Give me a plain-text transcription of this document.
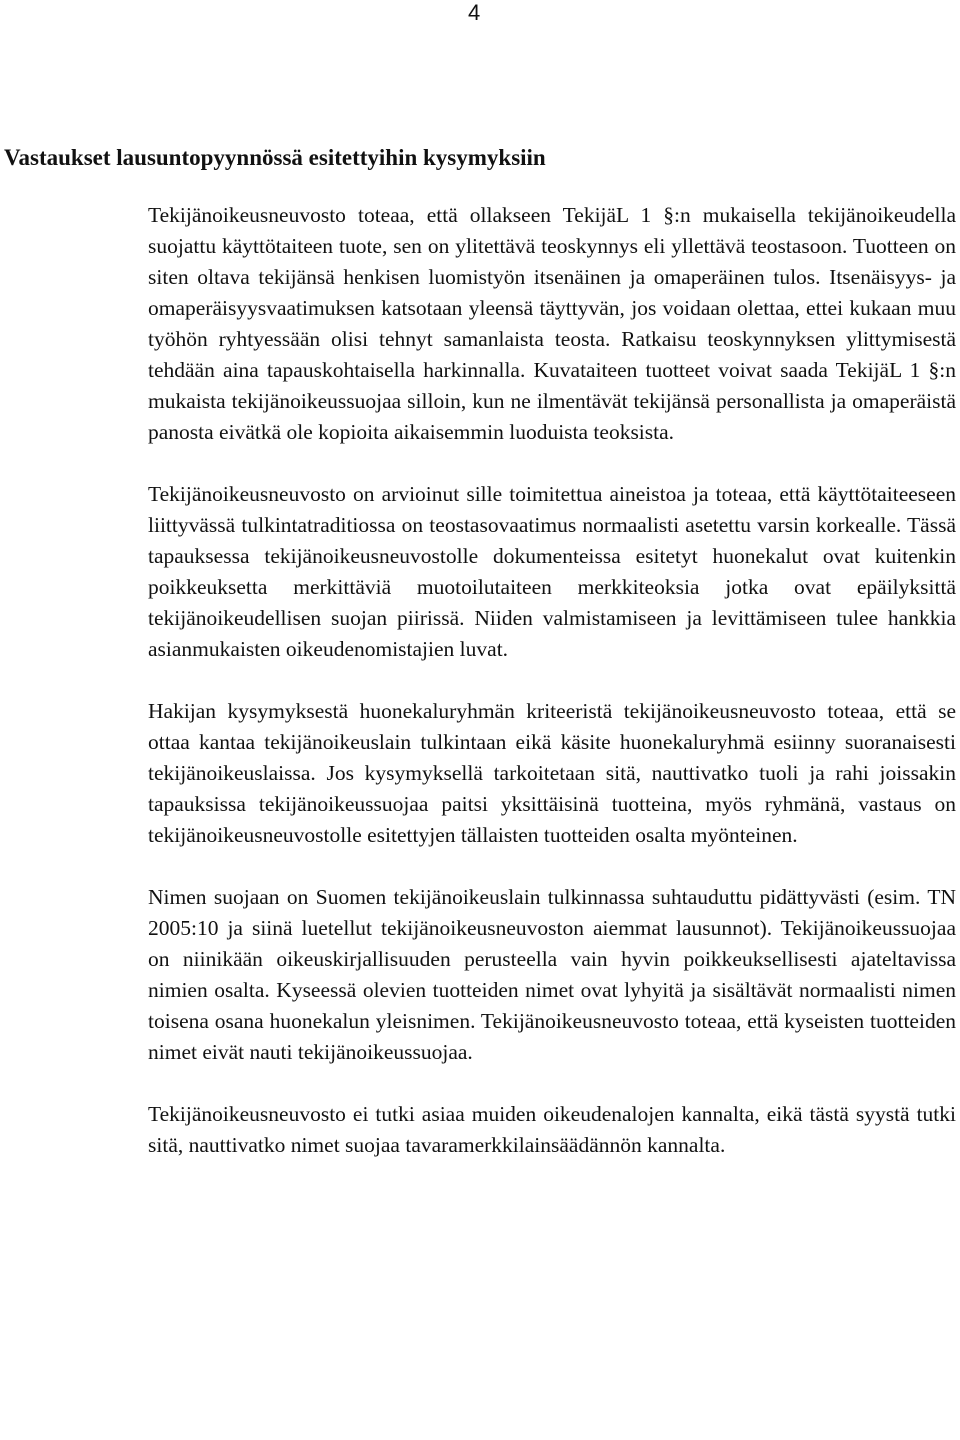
4
Vastaukset lausuntopyynnössä esitettyihin kysymyksiin

Tekijänoikeusneuvosto toteaa, että ollakseen TekijäL 1 §:n mukaisella tekijänoikeudella suojattu käyttötaiteen tuote, sen on ylitettävä teoskynnys eli yllettävä teostasoon. Tuotteen on siten oltava tekijänsä henkisen luomistyön itsenäinen ja omaperäinen tulos. Itsenäisyys- ja omaperäisyysvaatimuksen katsotaan yleensä täyttyvän, jos voidaan olettaa, ettei kukaan muu työhön ryhtyessään olisi tehnyt samanlaista teosta. Ratkaisu teoskynnyksen ylittymisestä tehdään aina tapauskohtaisella harkinnalla. Kuvataiteen tuotteet voivat saada TekijäL 1 §:n mukaista tekijänoikeussuojaa silloin, kun ne ilmentävät tekijänsä personallista ja omaperäistä panosta eivätkä ole kopioita aikaisemmin luoduista teoksista.

Tekijänoikeusneuvosto on arvioinut sille toimitettua aineistoa ja toteaa, että käyttötaiteeseen liittyvässä tulkintatraditiossa on teostasovaatimus normaalisti asetettu varsin korkealle. Tässä tapauksessa tekijänoikeusneuvostolle dokumenteissa esitetyt huonekalut ovat kuitenkin poikkeuksetta merkittäviä muotoilutaiteen merkkiteoksia jotka ovat epäilyksittä tekijänoikeudellisen suojan piirissä. Niiden valmistamiseen ja levittämiseen tulee hankkia asianmukaisten oikeudenomistajien luvat.

Hakijan kysymyksestä huonekaluryhmän kriteeristä tekijänoikeusneuvosto toteaa, että se ottaa kantaa tekijänoikeuslain tulkintaan eikä käsite huonekaluryhmä esiinny suoranaisesti tekijänoikeuslaissa. Jos kysymyksellä tarkoitetaan sitä, nauttivatko tuoli ja rahi joissakin tapauksissa tekijänoikeussuojaa paitsi yksittäisinä tuotteina, myös ryhmänä, vastaus on tekijänoikeusneuvostolle esitettyjen tällaisten tuotteiden osalta myönteinen.

Nimen suojaan on Suomen tekijänoikeuslain tulkinnassa suhtauduttu pidättyvästi (esim. TN 2005:10 ja siinä luetellut tekijänoikeusneuvoston aiemmat lausunnot). Tekijänoikeussuojaa on niinikään oikeuskirjallisuuden perusteella vain hyvin poikkeuksellisesti ajateltavissa nimien osalta. Kyseessä olevien tuotteiden nimet ovat lyhyitä ja sisältävät normaalisti nimen toisena osana huonekalun yleisnimen. Tekijänoikeusneuvosto toteaa, että kyseisten tuotteiden nimet eivät nauti tekijänoikeussuojaa.

Tekijänoikeusneuvosto ei tutki asiaa muiden oikeudenalojen kannalta, eikä tästä syystä tutki sitä, nauttivatko nimet suojaa tavaramerkkilainsäädännön kannalta.
